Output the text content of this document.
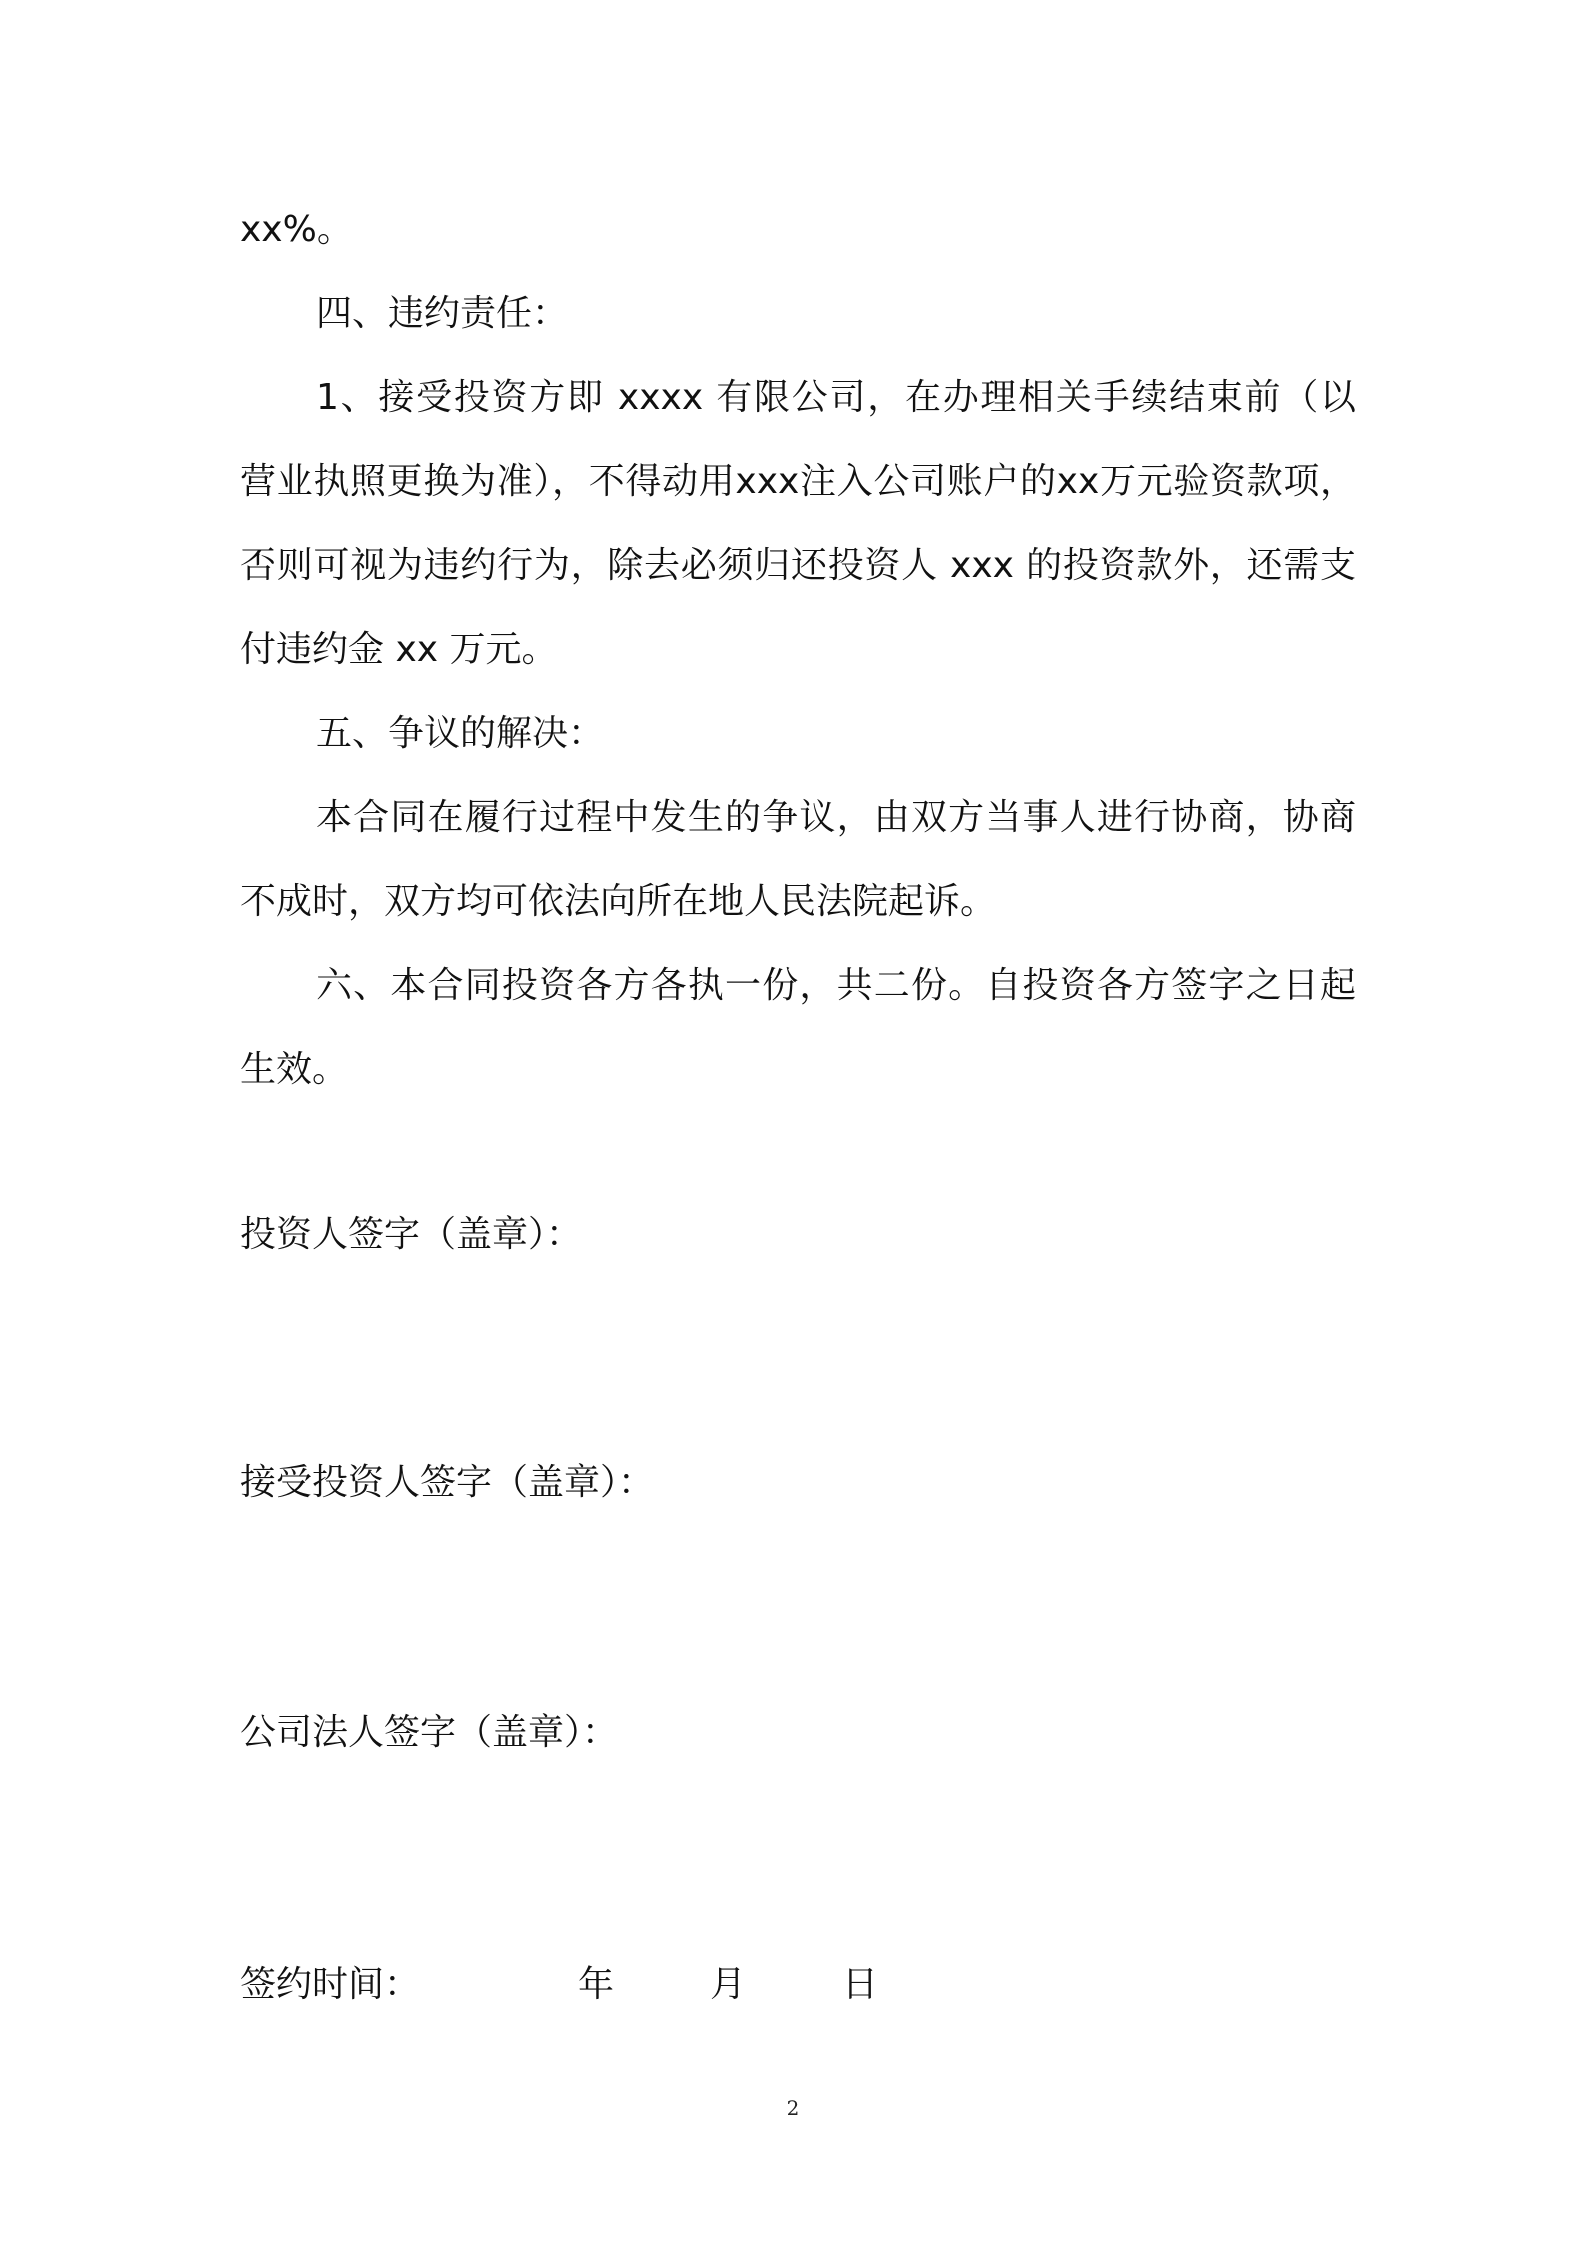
xx%。
四、违约责任：
1、接受投资方即 xxxx 有限公司，在办理相关手续结束前（以
营业执照更换为准），不得动用xxx注入公司账户的xx万元验资款项，
否则可视为违约行为，除去必须归还投资人 xxx 的投资款外，还需支
付违约金 xx 万元。
五、争议的解决：
本合同在履行过程中发生的争议，由双方当事人进行协商，协商
不成时，双方均可依法向所在地人民法院起诉。
六、本合同投资各方各执一份，共二份。自投资各方签字之日起
生效。
投资人签字（盖章）：
接受投资人签字（盖章）：
公司法人签字（盖章）：
签约时间：	年	月	日
2
